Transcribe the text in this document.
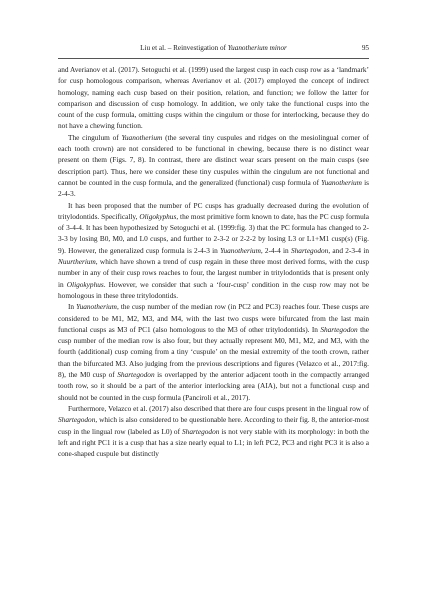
Liu et al. – Reinvestigation of Yuanotherium minor	95

and Averianov et al. (2017). Setoguchi et al. (1999) used the largest cusp in each cusp row as a ‘landmark’ for cusp homologous comparison, whereas Averianov et al. (2017) employed the concept of indirect homology, naming each cusp based on their position, relation, and function; we follow the latter for comparison and discussion of cusp homology. In addition, we only take the functional cusps into the count of the cusp formula, omitting cusps within the cingulum or those for interlocking, because they do not have a chewing function.

The cingulum of Yuanotherium (the several tiny cuspules and ridges on the mesiolingual corner of each tooth crown) are not considered to be functional in chewing, because there is no distinct wear present on them (Figs. 7, 8). In contrast, there are distinct wear scars present on the main cusps (see description part). Thus, here we consider these tiny cuspules within the cingulum are not functional and cannot be counted in the cusp formula, and the generalized (functional) cusp formula of Yuanotherium is 2-4-3.

It has been proposed that the number of PC cusps has gradually decreased during the evolution of tritylodontids. Specifically, Oligokyphus, the most primitive form known to date, has the PC cusp formula of 3-4-4. It has been hypothesized by Setoguchi et al. (1999:fig. 3) that the PC formula has changed to 2-3-3 by losing B0, M0, and L0 cusps, and further to 2-3-2 or 2-2-2 by losing L3 or L1+M1 cusp(s) (Fig. 9). However, the generalized cusp formula is 2-4-3 in Yuanotherium, 2-4-4 in Shartegodon, and 2-3-4 in Nuurtherium, which have shown a trend of cusp regain in these three most derived forms, with the cusp number in any of their cusp rows reaches to four, the largest number in tritylodontids that is present only in Oligokyphus. However, we consider that such a ‘four-cusp’ condition in the cusp row may not be homologous in these three tritylodontids.

In Yuanotherium, the cusp number of the median row (in PC2 and PC3) reaches four. These cusps are considered to be M1, M2, M3, and M4, with the last two cusps were bifurcated from the last main functional cusps as M3 of PC1 (also homologous to the M3 of other tritylodontids). In Shartegodon the cusp number of the median row is also four, but they actually represent M0, M1, M2, and M3, with the fourth (additional) cusp coming from a tiny ‘cuspule’ on the mesial extremity of the tooth crown, rather than the bifurcated M3. Also judging from the previous descriptions and figures (Velazco et al., 2017:fig. 8), the M0 cusp of Shartegodon is overlapped by the anterior adjacent tooth in the compactly arranged tooth row, so it should be a part of the anterior interlocking area (AIA), but not a functional cusp and should not be counted in the cusp formula (Panciroli et al., 2017).

Furthermore, Velazco et al. (2017) also described that there are four cusps present in the lingual row of Shartegodon, which is also considered to be questionable here. According to their fig. 8, the anterior-most cusp in the lingual row (labeled as L0) of Shartegodon is not very stable with its morphology: in both the left and right PC1 it is a cusp that has a size nearly equal to L1; in left PC2, PC3 and right PC3 it is also a cone-shaped cuspule but distinctly
